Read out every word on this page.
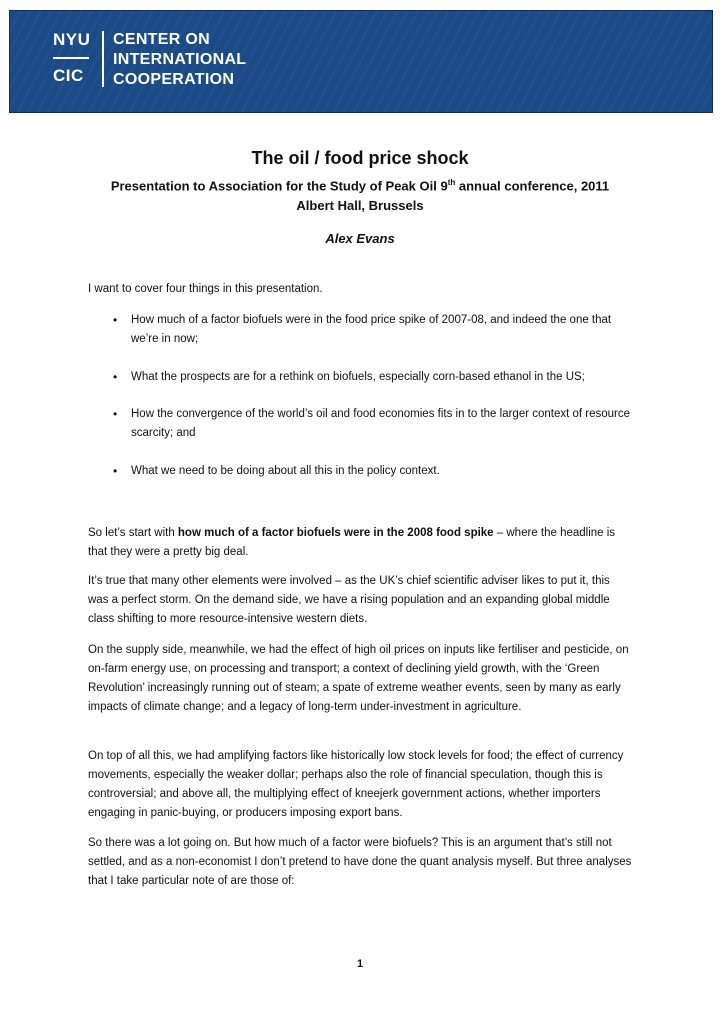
NYU
CIC
CENTER ON
INTERNATIONAL
COOPERATION
The oil / food price shock
Presentation to Association for the Study of Peak Oil 9th annual conference, 2011
Albert Hall, Brussels
Alex Evans
I want to cover four things in this presentation.
• How much of a factor biofuels were in the food price spike of 2007-08, and indeed the one that we’re in now;
• What the prospects are for a rethink on biofuels, especially corn-based ethanol in the US;
• How the convergence of the world’s oil and food economies fits in to the larger context of resource scarcity; and
• What we need to be doing about all this in the policy context.
So let’s start with how much of a factor biofuels were in the 2008 food spike – where the headline is that they were a pretty big deal.
It’s true that many other elements were involved – as the UK’s chief scientific adviser likes to put it, this was a perfect storm. On the demand side, we have a rising population and an expanding global middle class shifting to more resource-intensive western diets.
On the supply side, meanwhile, we had the effect of high oil prices on inputs like fertiliser and pesticide, on on-farm energy use, on processing and transport; a context of declining yield growth, with the ‘Green Revolution’ increasingly running out of steam; a spate of extreme weather events, seen by many as early impacts of climate change; and a legacy of long-term under-investment in agriculture.
On top of all this, we had amplifying factors like historically low stock levels for food; the effect of currency movements, especially the weaker dollar; perhaps also the role of financial speculation, though this is controversial; and above all, the multiplying effect of kneejerk government actions, whether importers engaging in panic-buying, or producers imposing export bans.
So there was a lot going on. But how much of a factor were biofuels? This is an argument that’s still not settled, and as a non-economist I don’t pretend to have done the quant analysis myself. But three analyses that I take particular note of are those of:
1
